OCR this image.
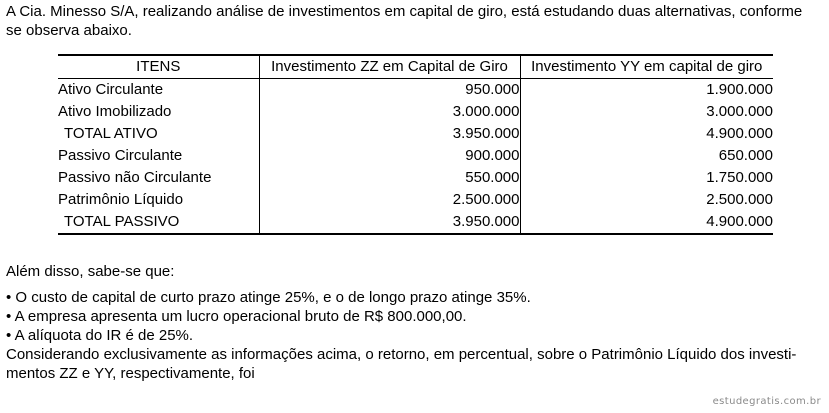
A Cia. Minesso S/A, realizando análise de investimentos em capital de giro, está estudando duas alternativas, conforme
se observa abaixo.

ITENS	Investimento ZZ em Capital de Giro	Investimento YY em capital de giro
Ativo Circulante	950.000	1.900.000
Ativo Imobilizado	3.000.000	3.000.000
TOTAL ATIVO	3.950.000	4.900.000
Passivo Circulante	900.000	650.000
Passivo não Circulante	550.000	1.750.000
Patrimônio Líquido	2.500.000	2.500.000
TOTAL PASSIVO	3.950.000	4.900.000

Além disso, sabe-se que:

• O custo de capital de curto prazo atinge 25%, e o de longo prazo atinge 35%.

• A empresa apresenta um lucro operacional bruto de R$ 800.000,00.

• A alíquota do IR é de 25%.

Considerando exclusivamente as informações acima, o retorno, em percentual, sobre o Patrimônio Líquido dos investi-
mentos ZZ e YY, respectivamente, foi

estudegratis.com.br
